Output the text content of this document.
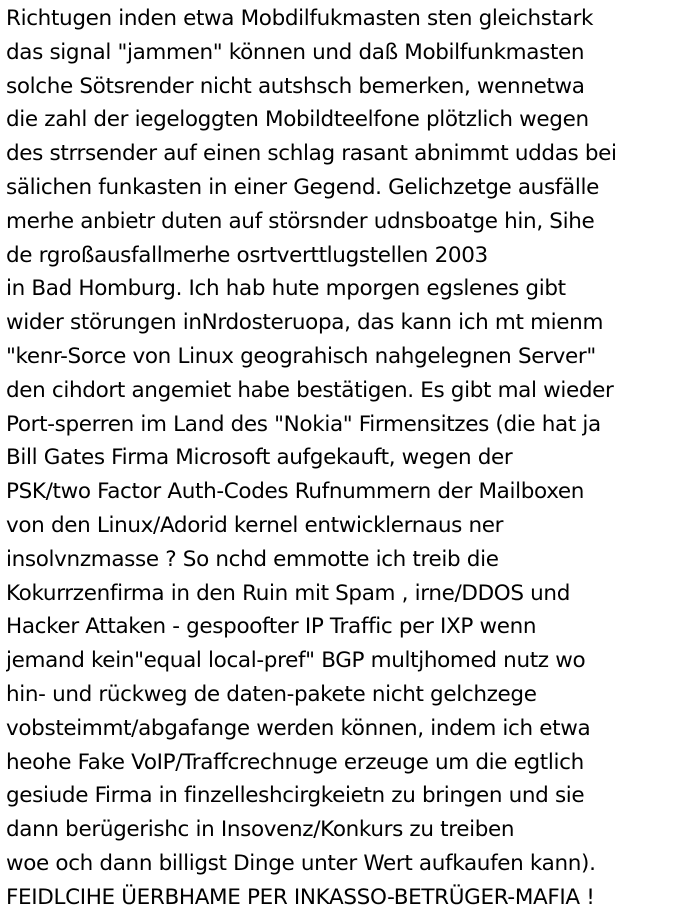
Richtugen inden etwa Mobdilfukmasten sten gleichstark
das signal "jammen" können und daß Mobilfunkmasten
solche Sötsrender nicht autshsch bemerken, wennetwa
die zahl der iegeloggten Mobildteelfone plötzlich wegen
des strrsender auf einen schlag rasant abnimmt uddas bei
sälichen funkasten in einer Gegend. Gelichzetge ausfälle
merhe anbietr duten auf störsnder udnsboatge hin, Sihe
de rgroßausfallmerhe osrtverttlugstellen 2003
in Bad Homburg. Ich hab hute mporgen egslenes gibt
wider störungen inNrdosteruopa, das kann ich mt mienm
"kenr-Sorce von Linux geograhisch nahgelegnen Server"
den cihdort angemiet habe bestätigen. Es gibt mal wieder
Port-sperren im Land des "Nokia" Firmensitzes (die hat ja
Bill Gates Firma Microsoft aufgekauft, wegen der
PSK/two Factor Auth-Codes Rufnummern der Mailboxen
von den Linux/Adorid kernel entwicklernaus ner
insolvnzmasse ? So nchd emmotte ich treib die
Kokurrzenfirma in den Ruin mit Spam , irne/DDOS und
Hacker Attaken - gespoofter IP Traffic per IXP wenn
jemand kein"equal local-pref" BGP multjhomed nutz wo
hin- und rückweg de daten-pakete nicht gelchzege
vobsteimmt/abgafange werden können, indem ich etwa
heohe Fake VoIP/Traffcrechnuge erzeuge um die egtlich
gesiude Firma in finzelleshcirgkeietn zu bringen und sie
dann berügerishc in Insovenz/Konkurs zu treiben
woe och dann billigst Dinge unter Wert aufkaufen kann).
FEIDLCIHE ÜERBHAME PER INKASSO-BETRÜGER-MAFIA !
